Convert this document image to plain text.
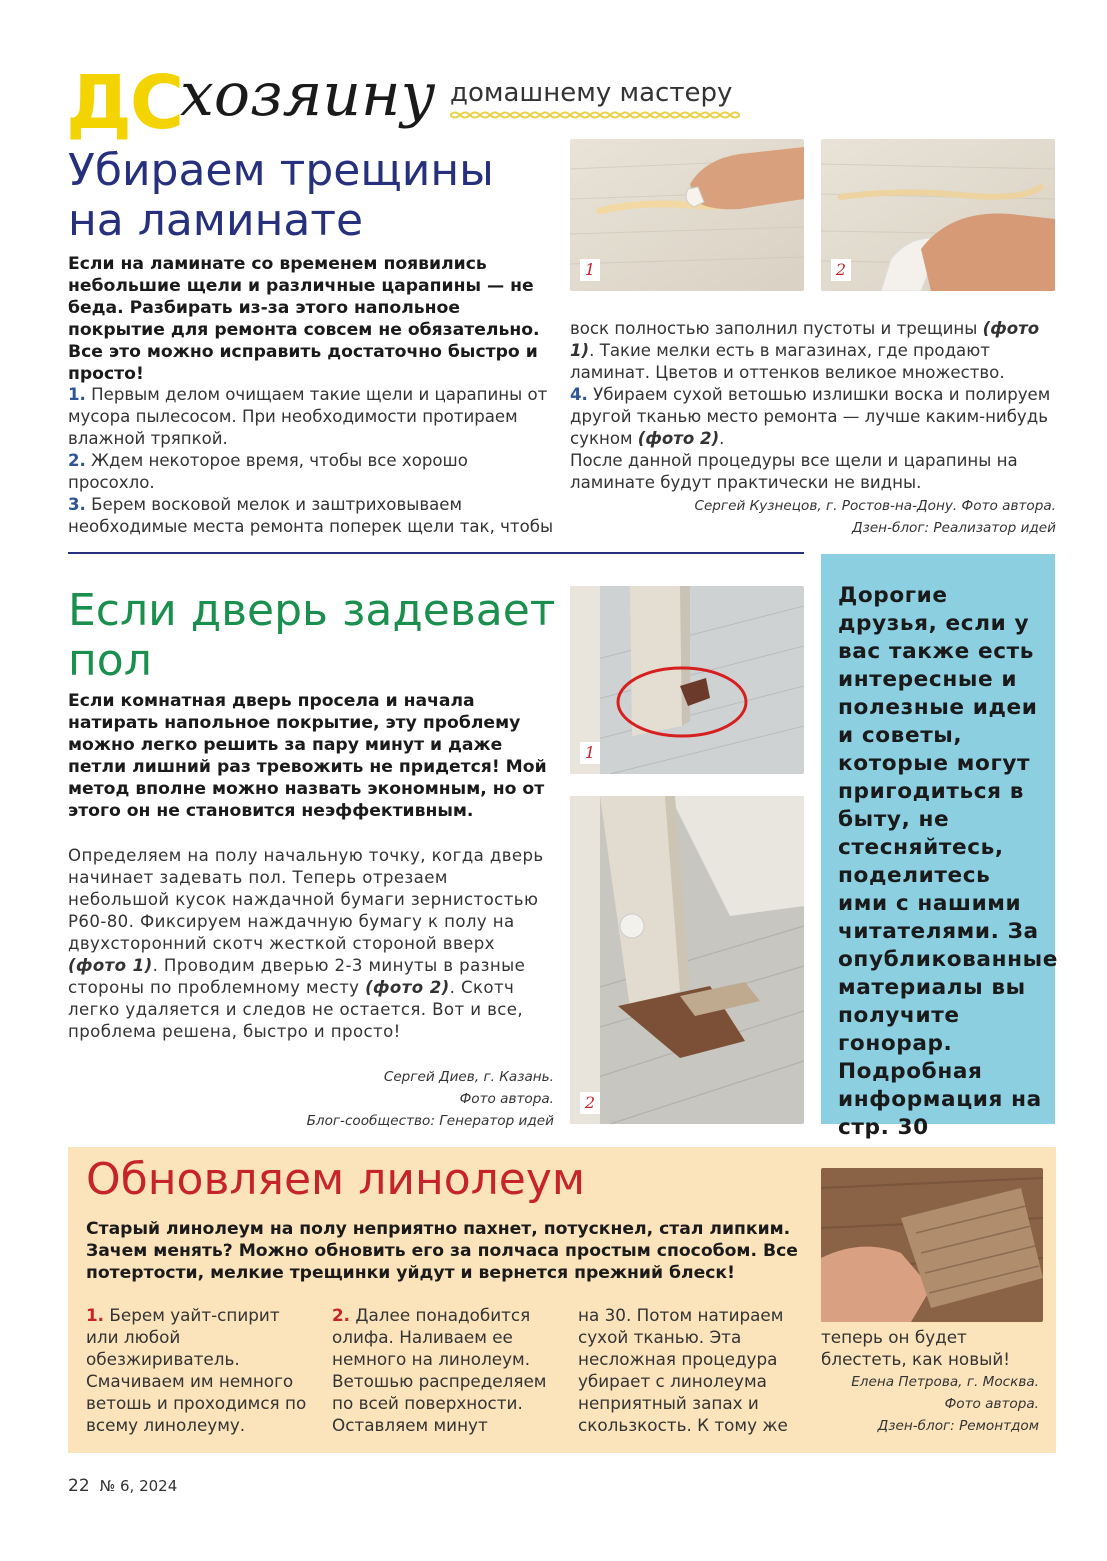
ДС
хозяину домашнему мастеру
Убираем трещины на ламинате

Если на ламинате со временем появились небольшие щели и различные царапины — не беда. Разбирать из-за этого напольное покрытие для ремонта совсем не обязательно. Все это можно исправить достаточно быстро и просто!

1. Первым делом очищаем такие щели и царапины от мусора пылесосом. При необходимости протираем влажной тряпкой.

2. Ждем некоторое время, чтобы все хорошо просохло.

3. Берем восковой мелок и заштриховываем необходимые места ремонта поперек щели так, чтобы

1	2

воск полностью заполнил пустоты и трещины (фото 1). Такие мелки есть в магазинах, где продают ламинат. Цветов и оттенков великое множество.

4. Убираем сухой ветошью излишки воска и полируем другой тканью место ремонта — лучше каким-нибудь сукном (фото 2).

После данной процедуры все щели и царапины на ламинате будут практически не видны.

Сергей Кузнецов, г. Ростов-на-Дону. Фото автора.

Дзен-блог: Реализатор идей

Если дверь задевает пол

Если комнатная дверь просела и начала натирать напольное покрытие, эту проблему можно легко решить за пару минут и даже петли лишний раз тревожить не придется! Мой метод вполне можно назвать экономным, но от этого он не становится неэффективным.

Определяем на полу начальную точку, когда дверь начинает задевать пол. Теперь отрезаем небольшой кусок наждачной бумаги зернистостью P60-80. Фиксируем наждачную бумагу к полу на двухсторонний скотч жесткой стороной вверх (фото 1). Проводим дверью 2-3 минуты в разные стороны по проблемному месту (фото 2). Скотч легко удаляется и следов не остается. Вот и все, проблема решена, быстро и просто!

Сергей Диев, г. Казань.

Фото автора.

Блог-сообщество: Генератор идей

1
2

Дорогие друзья, если у вас также есть интересные и полезные идеи и советы, которые могут пригодиться в быту, не стесняйтесь, поделитесь ими с нашими читателями. За опубликованные материалы вы получите гонорар. Подробная информация на стр. 30

Обновляем линолеум

Старый линолеум на полу неприятно пахнет, потускнел, стал липким. Зачем менять? Можно обновить его за полчаса простым способом. Все потертости, мелкие трещинки уйдут и вернется прежний блеск!

1. Берем уайт-спирит или любой обезжириватель. Смачиваем им немного ветошь и проходимся по всему линолеуму.

2. Далее понадобится олифа. Наливаем ее немного на линолеум. Ветошью распределяем по всей поверхности. Оставляем минут

на 30. Потом натираем сухой тканью. Эта несложная процедура убирает с линолеума неприятный запах и скользкость. К тому же

теперь он будет блестеть, как новый!

Елена Петрова, г. Москва.

Фото автора.

Дзен-блог: Ремонтдом

22 № 6, 2024
